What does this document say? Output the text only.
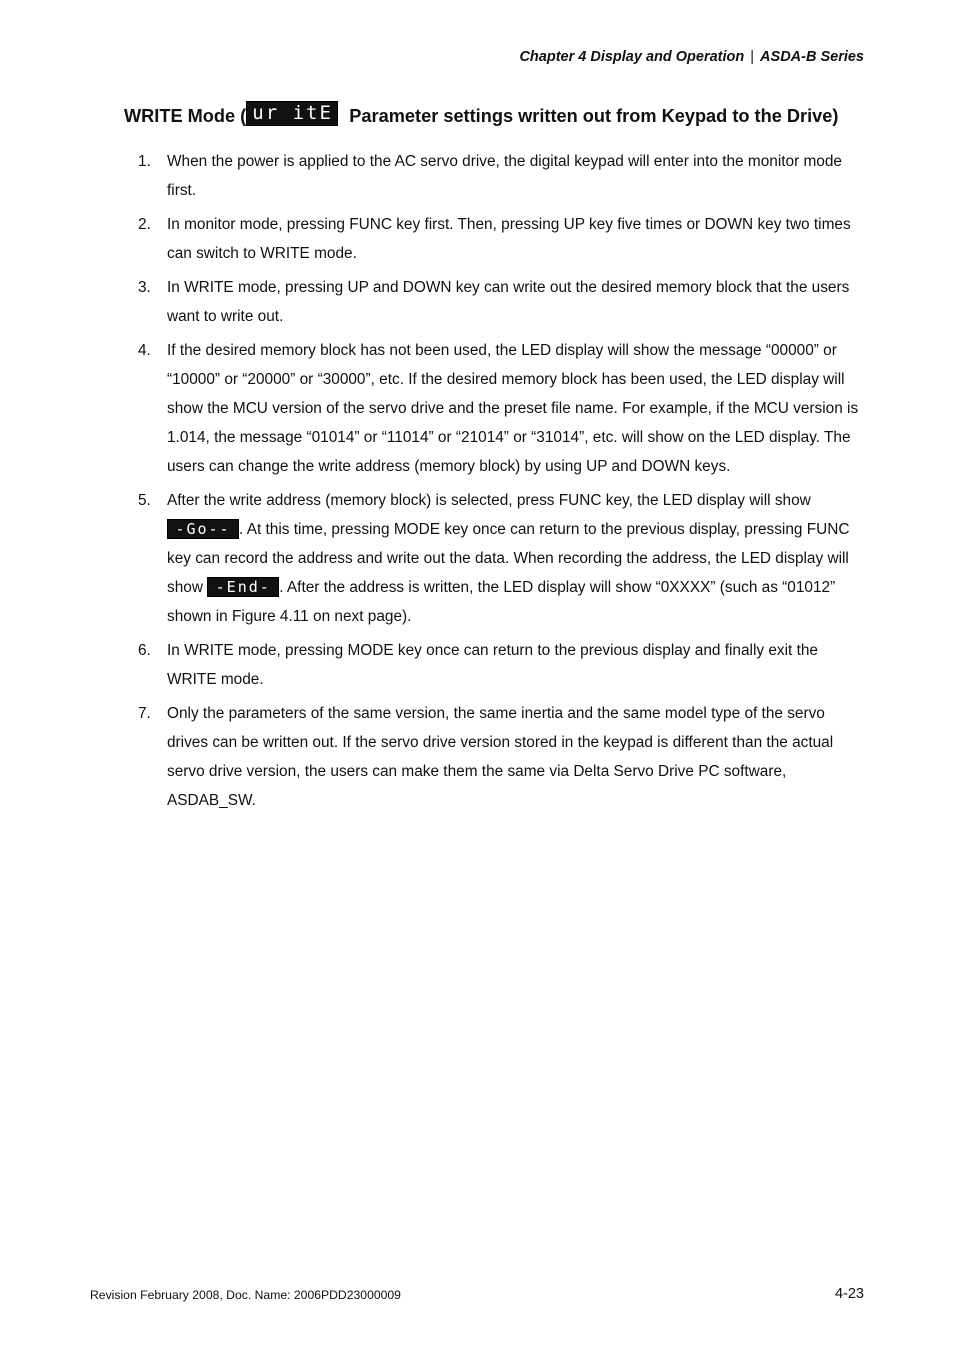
Chapter 4 Display and Operation | ASDA-B Series
WRITE Mode ( ur itE Parameter settings written out from Keypad to the Drive)
1. When the power is applied to the AC servo drive, the digital keypad will enter into the monitor mode first.
2. In monitor mode, pressing FUNC key first. Then, pressing UP key five times or DOWN key two times can switch to WRITE mode.
3. In WRITE mode, pressing UP and DOWN key can write out the desired memory block that the users want to write out.
4. If the desired memory block has not been used, the LED display will show the message “00000” or “10000” or “20000” or “30000”, etc. If the desired memory block has been used, the LED display will show the MCU version of the servo drive and the preset file name. For example, if the MCU version is 1.014, the message “01014” or “11014” or “21014” or “31014”, etc. will show on the LED display. The users can change the write address (memory block) by using UP and DOWN keys.
5. After the write address (memory block) is selected, press FUNC key, the LED display will show -Go-- . At this time, pressing MODE key once can return to the previous display, pressing FUNC key can record the address and write out the data. When recording the address, the LED display will show -End- . After the address is written, the LED display will show “0XXXX” (such as “01012” shown in Figure 4.11 on next page).
6. In WRITE mode, pressing MODE key once can return to the previous display and finally exit the WRITE mode.
7. Only the parameters of the same version, the same inertia and the same model type of the servo drives can be written out. If the servo drive version stored in the keypad is different than the actual servo drive version, the users can make them the same via Delta Servo Drive PC software, ASDAB_SW.
Revision February 2008, Doc. Name: 2006PDD23000009	4-23
